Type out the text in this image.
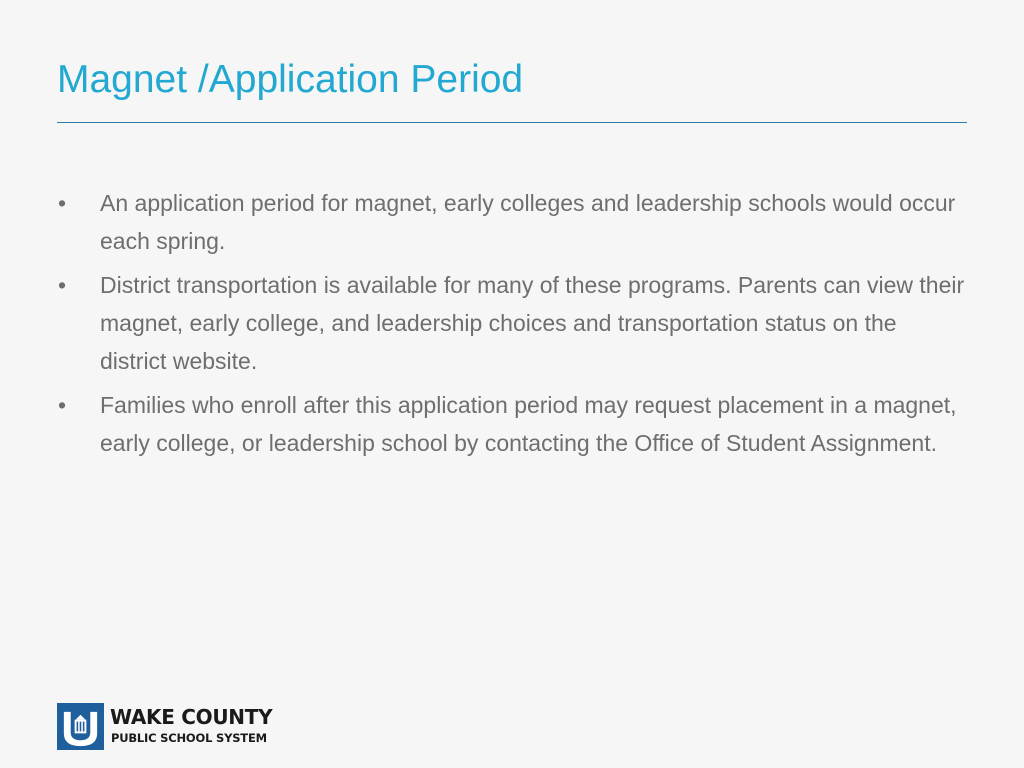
Magnet /Application Period
•	An application period for magnet, early colleges and leadership schools would occur each spring.
•	District transportation is available for many of these programs. Parents can view their magnet, early college, and leadership choices and transportation status on the district website.
•	Families who enroll after this application period may request placement in a magnet, early college, or leadership school by contacting the Office of Student Assignment.
WAKE COUNTY
PUBLIC SCHOOL SYSTEM
